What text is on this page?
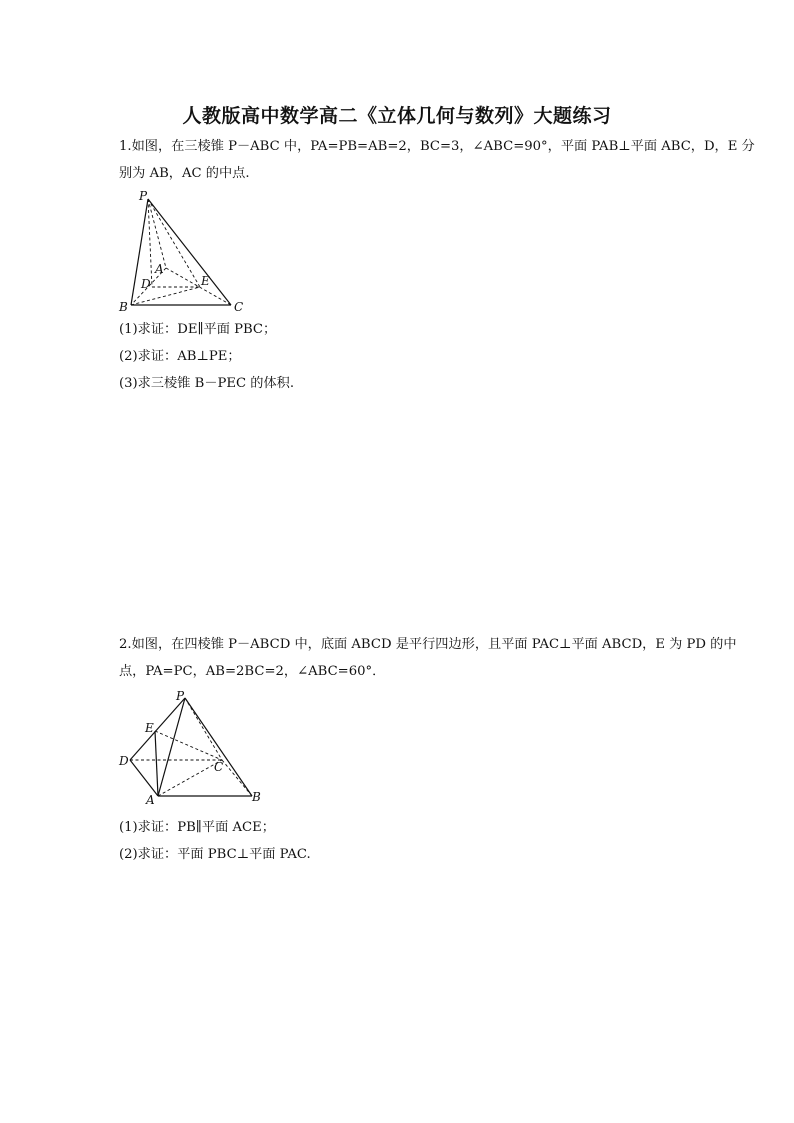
人教版高中数学高二《立体几何与数列》大题练习
1.如图，在三棱锥 P－ABC 中，PA=PB=AB=2，BC=3，∠ABC=90°，平面 PAB⊥平面 ABC，D，E 分
别为 AB，AC 的中点.
P
A
D	E
B	C
(1)求证：DE∥平面 PBC；
(2)求证：AB⊥PE；
(3)求三棱锥 B－PEC 的体积.
2.如图，在四棱锥 P－ABCD 中，底面 ABCD 是平行四边形，且平面 PAC⊥平面 ABCD，E 为 PD 的中
点，PA=PC，AB=2BC=2，∠ABC=60°．
P
E
D	C
A	B
(1)求证：PB∥平面 ACE；
(2)求证：平面 PBC⊥平面 PAC.
